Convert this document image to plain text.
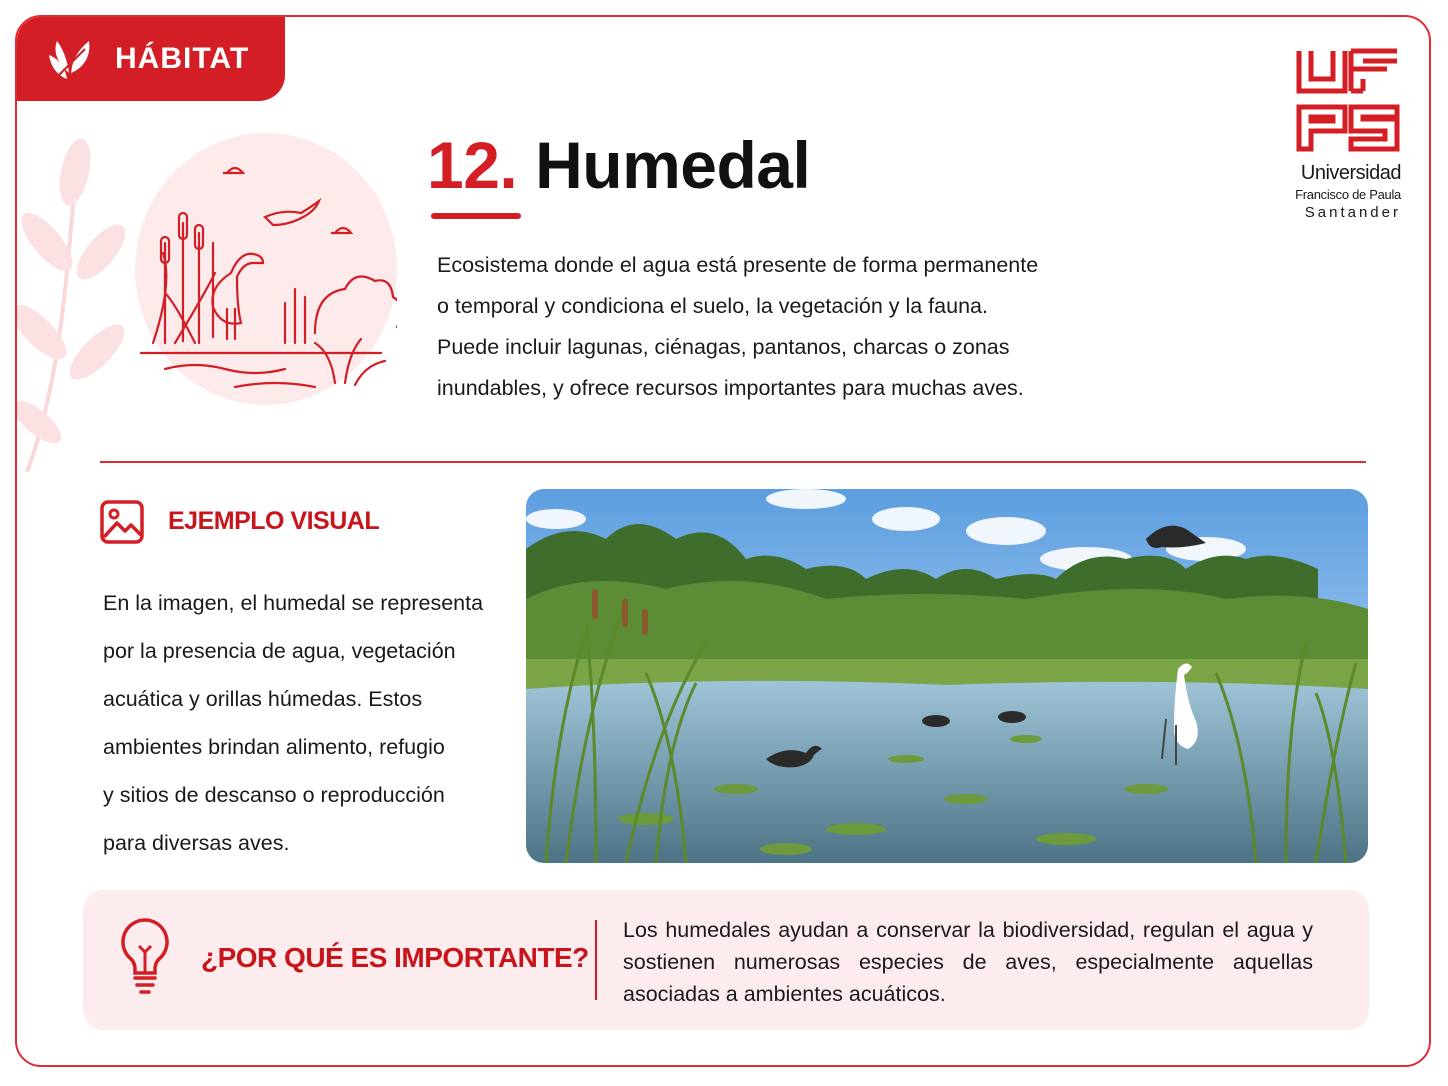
HÁBITAT
12. Humedal

Ecosistema donde el agua está presente de forma permanente
o temporal y condiciona el suelo, la vegetación y la fauna.
Puede incluir lagunas, ciénagas, pantanos, charcas o zonas
inundables, y ofrece recursos importantes para muchas aves.

Universidad
Francisco de Paula
Santander
EJEMPLO VISUAL

En la imagen, el humedal se representa
por la presencia de agua, vegetación
acuática y orillas húmedas. Estos
ambientes brindan alimento, refugio
y sitios de descanso o reproducción
para diversas aves.

¿POR QUÉ ES IMPORTANTE?

Los humedales ayudan a conservar la biodiversidad, regulan el agua y sostienen numerosas especies de aves, especialmente aquellas asociadas a ambientes acuáticos.
